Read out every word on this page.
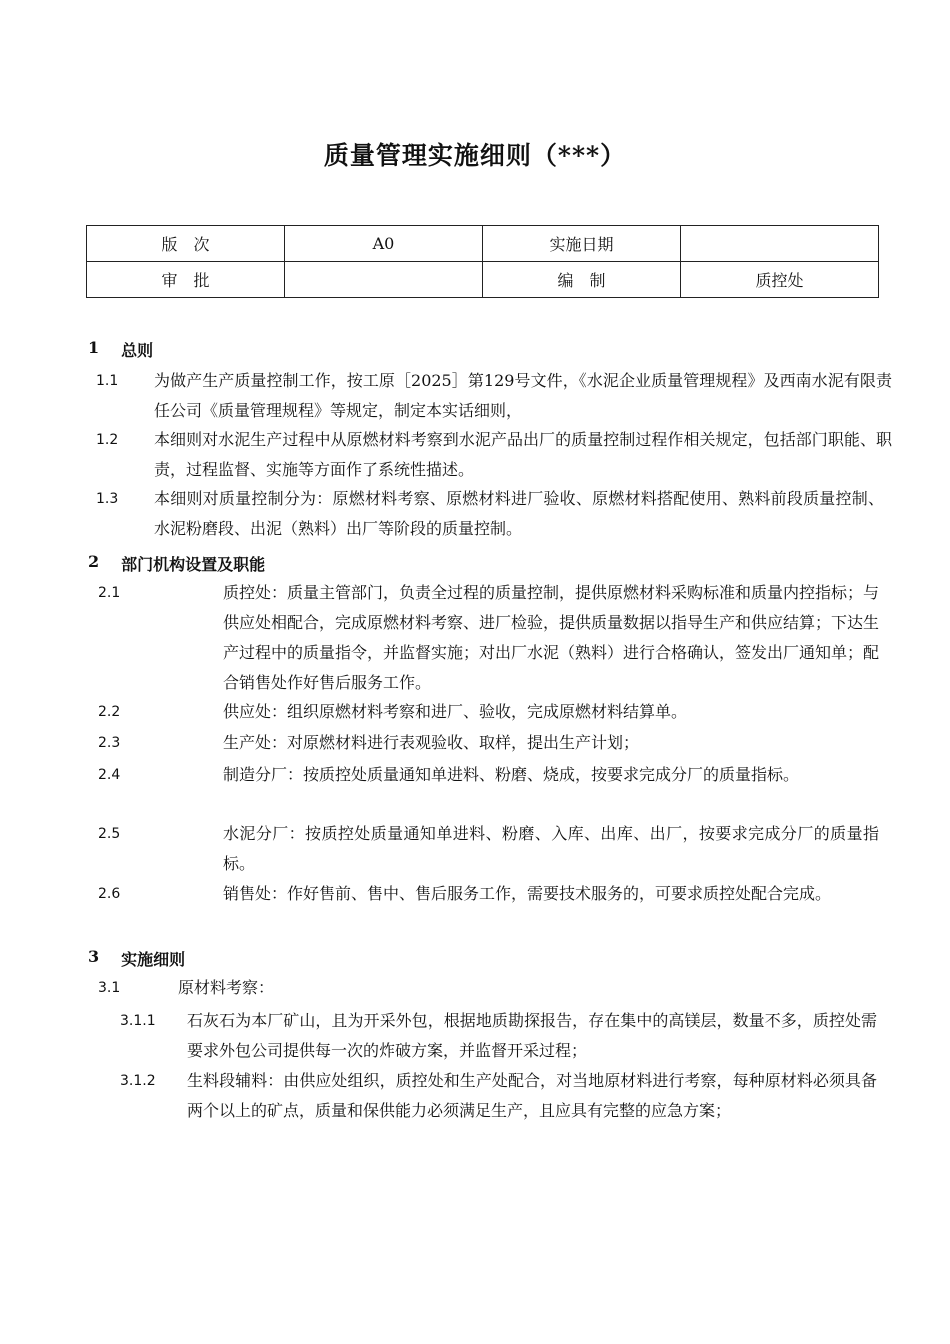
质量管理实施细则（***）
版　次	A0	实施日期	
审　批		编　制	质控处
1 总则
1.1	为做产生产质量控制工作，按工原［2025］第129号文件，《水泥企业质量管理规程》及西南水泥有限责任公司《质量管理规程》等规定，制定本实话细则，
1.2	本细则对水泥生产过程中从原燃材料考察到水泥产品出厂的质量控制过程作相关规定，包括部门职能、职责，过程监督、实施等方面作了系统性描述。
1.3	本细则对质量控制分为：原燃材料考察、原燃材料进厂验收、原燃材料搭配使用、熟料前段质量控制、水泥粉磨段、出泥（熟料）出厂等阶段的质量控制。
2 部门机构设置及职能
2.1	质控处：质量主管部门，负责全过程的质量控制，提供原燃材料采购标准和质量内控指标；与供应处相配合，完成原燃材料考察、进厂检验，提供质量数据以指导生产和供应结算；下达生产过程中的质量指令，并监督实施；对出厂水泥（熟料）进行合格确认，签发出厂通知单；配合销售处作好售后服务工作。
2.2	供应处：组织原燃材料考察和进厂、验收，完成原燃材料结算单。
2.3	生产处：对原燃材料进行表观验收、取样，提出生产计划；
2.4	制造分厂：按质控处质量通知单进料、粉磨、烧成，按要求完成分厂的质量指标。
2.5	水泥分厂：按质控处质量通知单进料、粉磨、入库、出库、出厂，按要求完成分厂的质量指标。
2.6	销售处：作好售前、售中、售后服务工作，需要技术服务的，可要求质控处配合完成。
3 实施细则
3.1	原材料考察：
3.1.1	石灰石为本厂矿山，且为开采外包，根据地质勘探报告，存在集中的高镁层，数量不多，质控处需要求外包公司提供每一次的炸破方案，并监督开采过程；
3.1.2	生料段辅料：由供应处组织，质控处和生产处配合，对当地原材料进行考察，每种原材料必须具备两个以上的矿点，质量和保供能力必须满足生产，且应具有完整的应急方案；
